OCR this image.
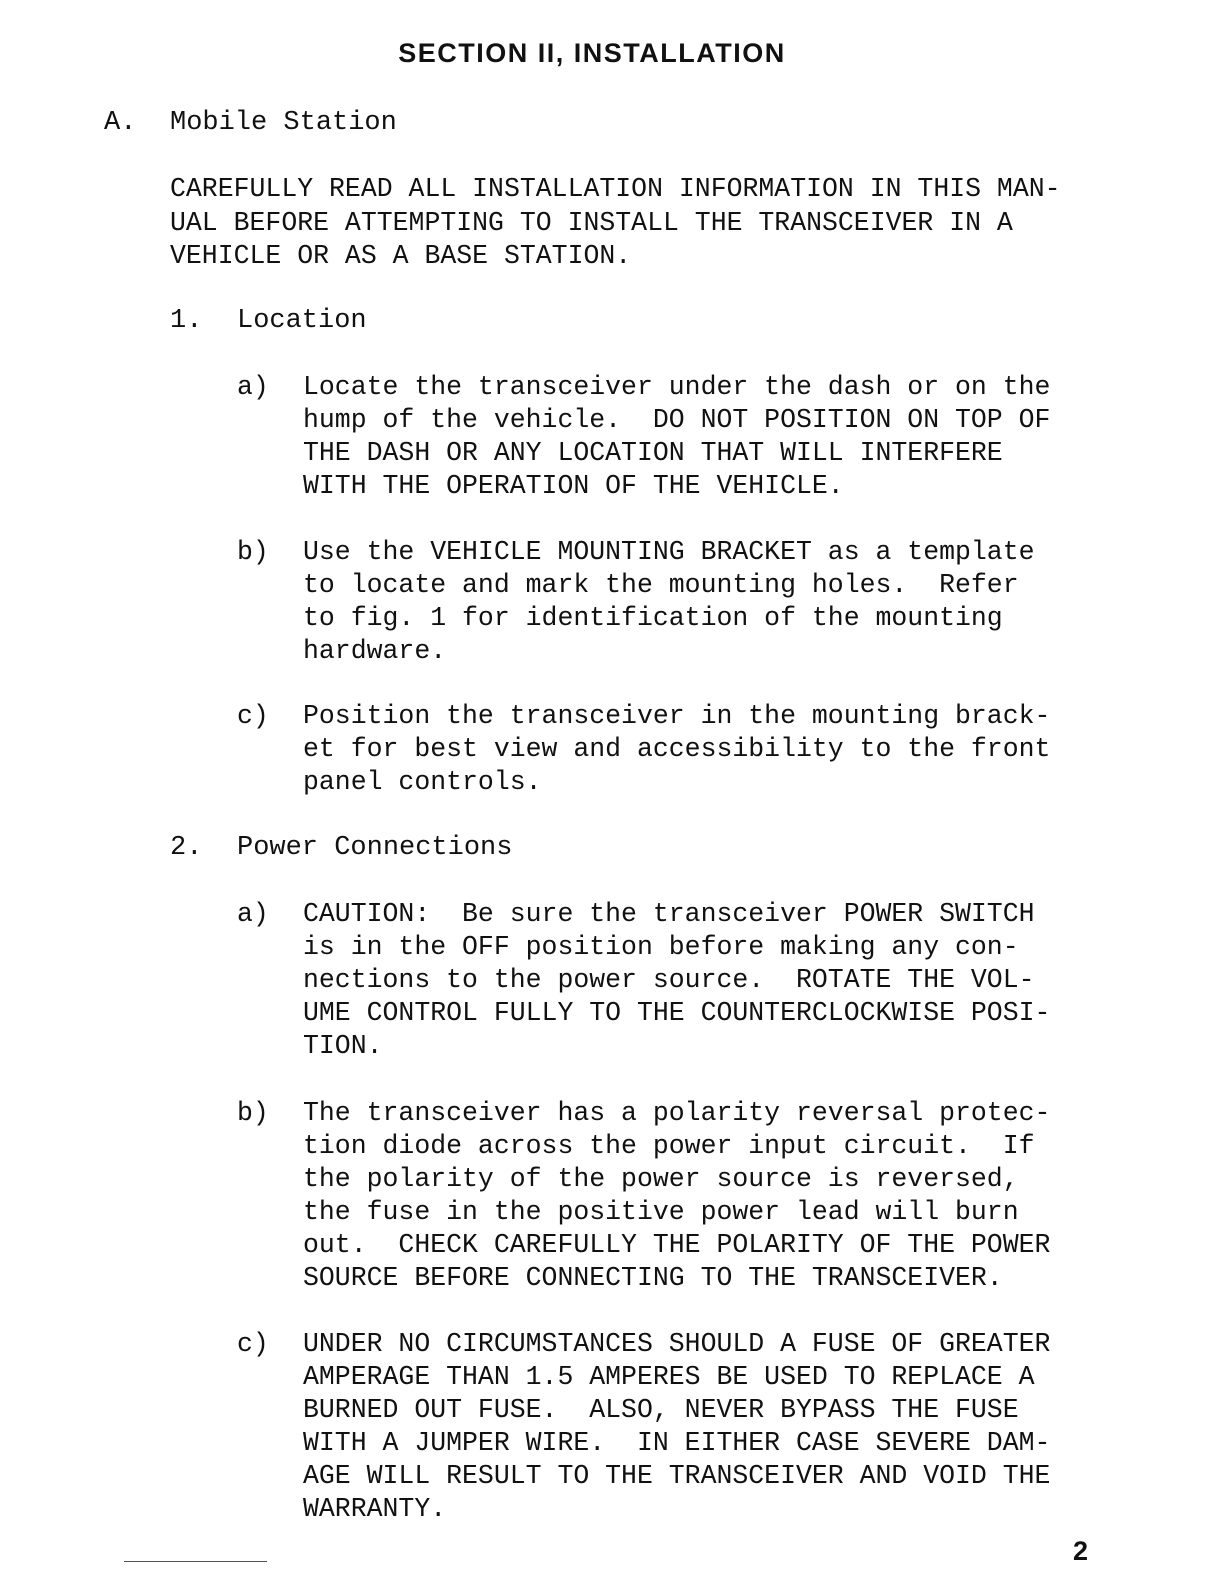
SECTION II, INSTALLATION
A. Mobile Station
CAREFULLY READ ALL INSTALLATION INFORMATION IN THIS MAN-
UAL BEFORE ATTEMPTING TO INSTALL THE TRANSCEIVER IN A
VEHICLE OR AS A BASE STATION.
1. Location
a) Locate the transceiver under the dash or on the
hump of the vehicle.  DO NOT POSITION ON TOP OF
THE DASH OR ANY LOCATION THAT WILL INTERFERE
WITH THE OPERATION OF THE VEHICLE.
b) Use the VEHICLE MOUNTING BRACKET as a template
to locate and mark the mounting holes.  Refer
to fig. 1 for identification of the mounting
hardware.
c) Position the transceiver in the mounting brack-
et for best view and accessibility to the front
panel controls.
2. Power Connections
a) CAUTION:  Be sure the transceiver POWER SWITCH
is in the OFF position before making any con-
nections to the power source.  ROTATE THE VOL-
UME CONTROL FULLY TO THE COUNTERCLOCKWISE POSI-
TION.
b) The transceiver has a polarity reversal protec-
tion diode across the power input circuit.  If
the polarity of the power source is reversed,
the fuse in the positive power lead will burn
out.  CHECK CAREFULLY THE POLARITY OF THE POWER
SOURCE BEFORE CONNECTING TO THE TRANSCEIVER.
c) UNDER NO CIRCUMSTANCES SHOULD A FUSE OF GREATER
AMPERAGE THAN 1.5 AMPERES BE USED TO REPLACE A
BURNED OUT FUSE.  ALSO, NEVER BYPASS THE FUSE
WITH A JUMPER WIRE.  IN EITHER CASE SEVERE DAM-
AGE WILL RESULT TO THE TRANSCEIVER AND VOID THE
WARRANTY.
2
